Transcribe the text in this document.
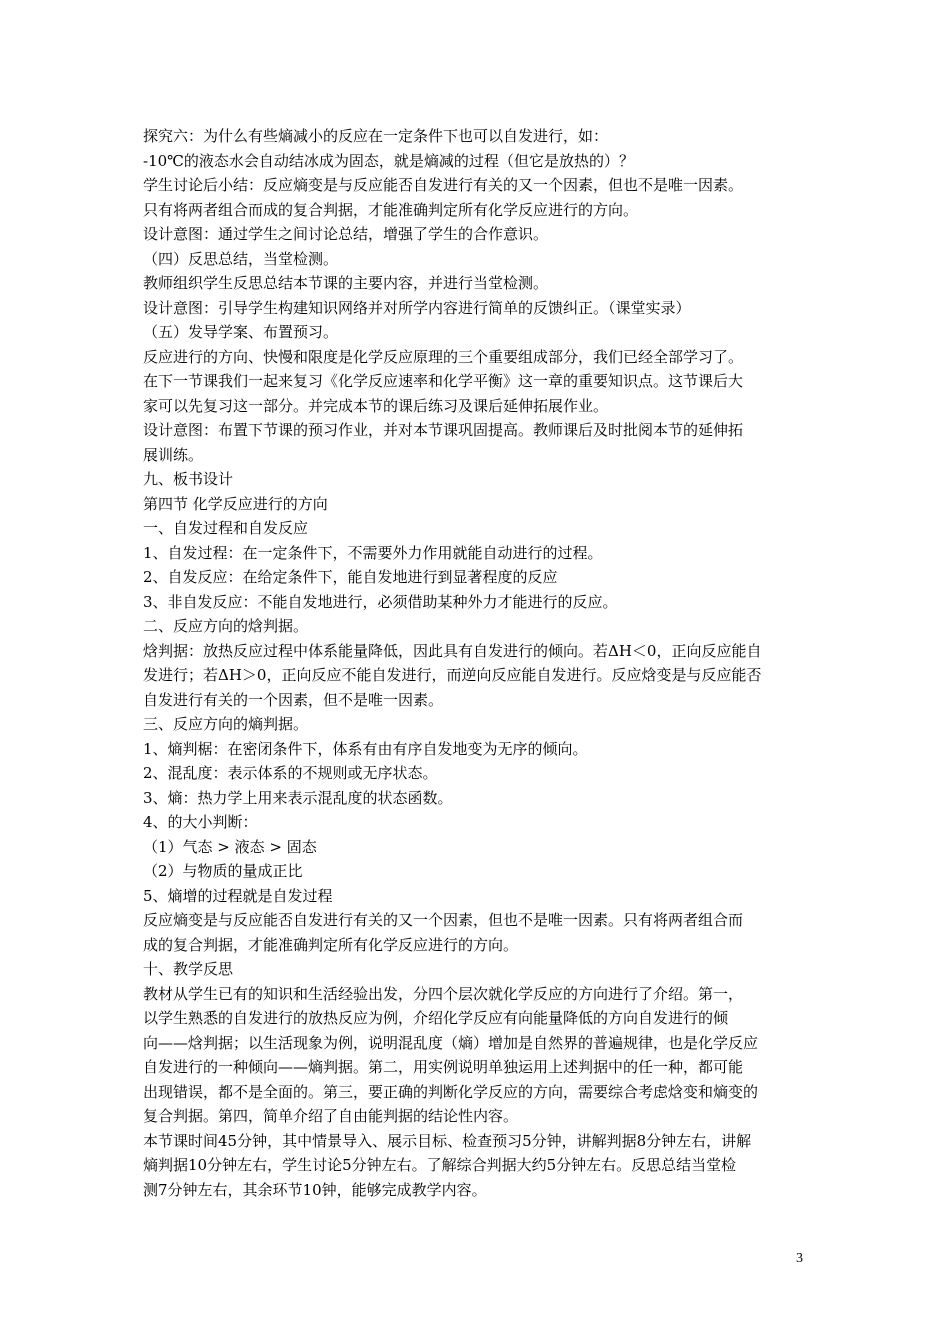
探究六：为什么有些熵减小的反应在一定条件下也可以自发进行，如：
-10℃的液态水会自动结冰成为固态，就是熵减的过程（但它是放热的）？
学生讨论后小结：反应熵变是与反应能否自发进行有关的又一个因素，但也不是唯一因素。
只有将两者组合而成的复合判据，才能准确判定所有化学反应进行的方向。
设计意图：通过学生之间讨论总结，增强了学生的合作意识。
（四）反思总结，当堂检测。
教师组织学生反思总结本节课的主要内容，并进行当堂检测。
设计意图：引导学生构建知识网络并对所学内容进行简单的反馈纠正。（课堂实录）
（五）发导学案、布置预习。
反应进行的方向、快慢和限度是化学反应原理的三个重要组成部分，我们已经全部学习了。
在下一节课我们一起来复习《化学反应速率和化学平衡》这一章的重要知识点。这节课后大
家可以先复习这一部分。并完成本节的课后练习及课后延伸拓展作业。
设计意图：布置下节课的预习作业，并对本节课巩固提高。教师课后及时批阅本节的延伸拓
展训练。
九、板书设计
第四节 化学反应进行的方向
一、自发过程和自发反应
1、自发过程：在一定条件下，不需要外力作用就能自动进行的过程。
2、自发反应：在给定条件下，能自发地进行到显著程度的反应
3、非自发反应：不能自发地进行，必须借助某种外力才能进行的反应。
二、反应方向的焓判据。
焓判据：放热反应过程中体系能量降低，因此具有自发进行的倾向。若ΔH＜0，正向反应能自
发进行；若ΔH＞0，正向反应不能自发进行，而逆向反应能自发进行。反应焓变是与反应能否
自发进行有关的一个因素，但不是唯一因素。
三、反应方向的熵判据。
1、熵判椐：在密闭条件下，体系有由有序自发地变为无序的倾向。
2、混乱度：表示体系的不规则或无序状态。
3、熵：热力学上用来表示混乱度的状态函数。
4、的大小判断：
（1）气态 > 液态 > 固态
（2）与物质的量成正比
5、熵增的过程就是自发过程
反应熵变是与反应能否自发进行有关的又一个因素，但也不是唯一因素。只有将两者组合而
成的复合判据，才能准确判定所有化学反应进行的方向。
十、教学反思
教材从学生已有的知识和生活经验出发，分四个层次就化学反应的方向进行了介绍。第一，
以学生熟悉的自发进行的放热反应为例，介绍化学反应有向能量降低的方向自发进行的倾
向——焓判据；以生活现象为例，说明混乱度（熵）增加是自然界的普遍规律，也是化学反应
自发进行的一种倾向——熵判据。第二，用实例说明单独运用上述判据中的任一种，都可能
出现错误，都不是全面的。第三，要正确的判断化学反应的方向，需要综合考虑焓变和熵变的
复合判据。第四，简单介绍了自由能判据的结论性内容。
本节课时间45分钟，其中情景导入、展示目标、检查预习5分钟，讲解判据8分钟左右，讲解
熵判据10分钟左右，学生讨论5分钟左右。了解综合判据大约5分钟左右。反思总结当堂检
测7分钟左右，其余环节10钟，能够完成教学内容。
3
